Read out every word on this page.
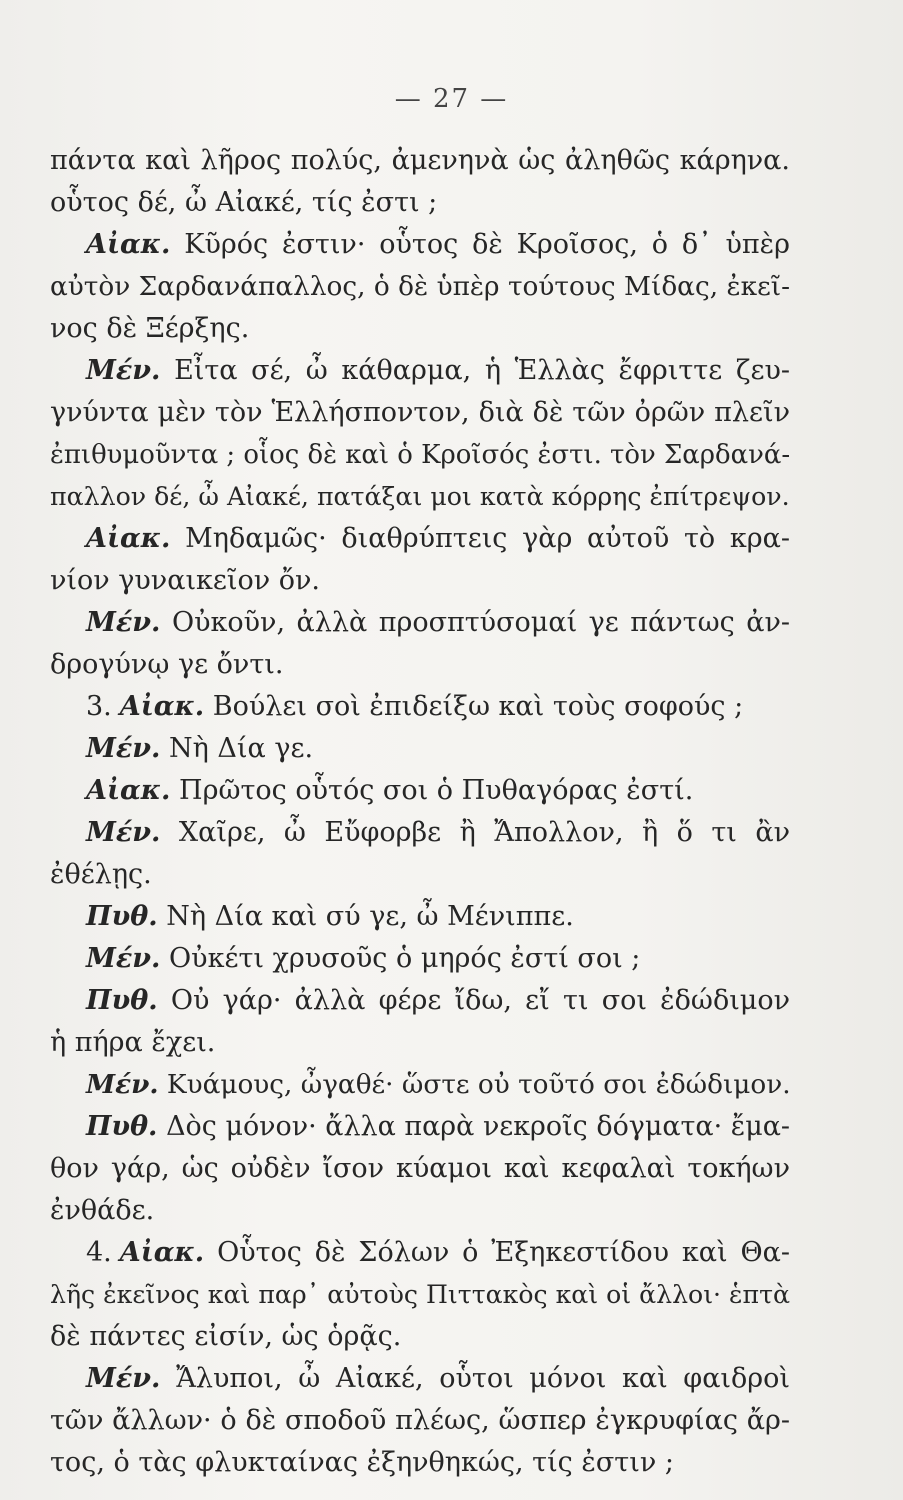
— 27 —
πάντα καὶ λῆρος πολύς, ἀμενηνὰ ὡς ἀληθῶς κάρηνα.
οὗτος δέ, ὦ Αἰακέ, τίς ἐστι ;
Αἰακ. Κῦρός ἐστιν· οὗτος δὲ Κροῖσος, ὁ δ᾽ ὑπὲρ
αὐτὸν Σαρδανάπαλλος, ὁ δὲ ὑπὲρ τούτους Μίδας, ἐκεῖ-
νος δὲ Ξέρξης.
Μέν. Εἶτα σέ, ὦ κάθαρμα, ἡ Ἑλλὰς ἔφριττε ζευ-
γνύντα μὲν τὸν Ἑλλήσποντον, διὰ δὲ τῶν ὀρῶν πλεῖν
ἐπιθυμοῦντα ; οἷος δὲ καὶ ὁ Κροῖσός ἐστι. τὸν Σαρδανά-
παλλον δέ, ὦ Αἰακέ, πατάξαι μοι κατὰ κόρρης ἐπίτρεψον.
Αἰακ. Μηδαμῶς· διαθρύπτεις γὰρ αὐτοῦ τὸ κρα-
νίον γυναικεῖον ὄν.
Μέν. Οὐκοῦν, ἀλλὰ προσπτύσομαί γε πάντως ἀν-
δρογύνῳ γε ὄντι.
3. Αἰακ. Βούλει σοὶ ἐπιδείξω καὶ τοὺς σοφούς ;
Μέν. Νὴ Δία γε.
Αἰακ. Πρῶτος οὗτός σοι ὁ Πυθαγόρας ἐστί.
Μέν. Χαῖρε, ὦ Εὔφορβε ἢ Ἄπολλον, ἢ ὅ τι ἂν
ἐθέλῃς.
Πυθ. Νὴ Δία καὶ σύ γε, ὦ Μένιππε.
Μέν. Οὐκέτι χρυσοῦς ὁ μηρός ἐστί σοι ;
Πυθ. Οὐ γάρ· ἀλλὰ φέρε ἴδω, εἴ τι σοι ἐδώδιμον
ἡ πήρα ἔχει.
Μέν. Κυάμους, ὦγαθέ· ὥστε οὐ τοῦτό σοι ἐδώδιμον.
Πυθ. Δὸς μόνον· ἄλλα παρὰ νεκροῖς δόγματα· ἔμα-
θον γάρ, ὡς οὐδὲν ἴσον κύαμοι καὶ κεφαλαὶ τοκήων
ἐνθάδε.
4. Αἰακ. Οὗτος δὲ Σόλων ὁ Ἐξηκεστίδου καὶ Θα-
λῆς ἐκεῖνος καὶ παρ᾽ αὐτοὺς Πιττακὸς καὶ οἱ ἄλλοι· ἑπτὰ
δὲ πάντες εἰσίν, ὡς ὁρᾷς.
Μέν. Ἄλυποι, ὦ Αἰακέ, οὗτοι μόνοι καὶ φαιδροὶ
τῶν ἄλλων· ὁ δὲ σποδοῦ πλέως, ὥσπερ ἐγκρυφίας ἄρ-
τος, ὁ τὰς φλυκταίνας ἐξηνθηκώς, τίς ἐστιν ;
